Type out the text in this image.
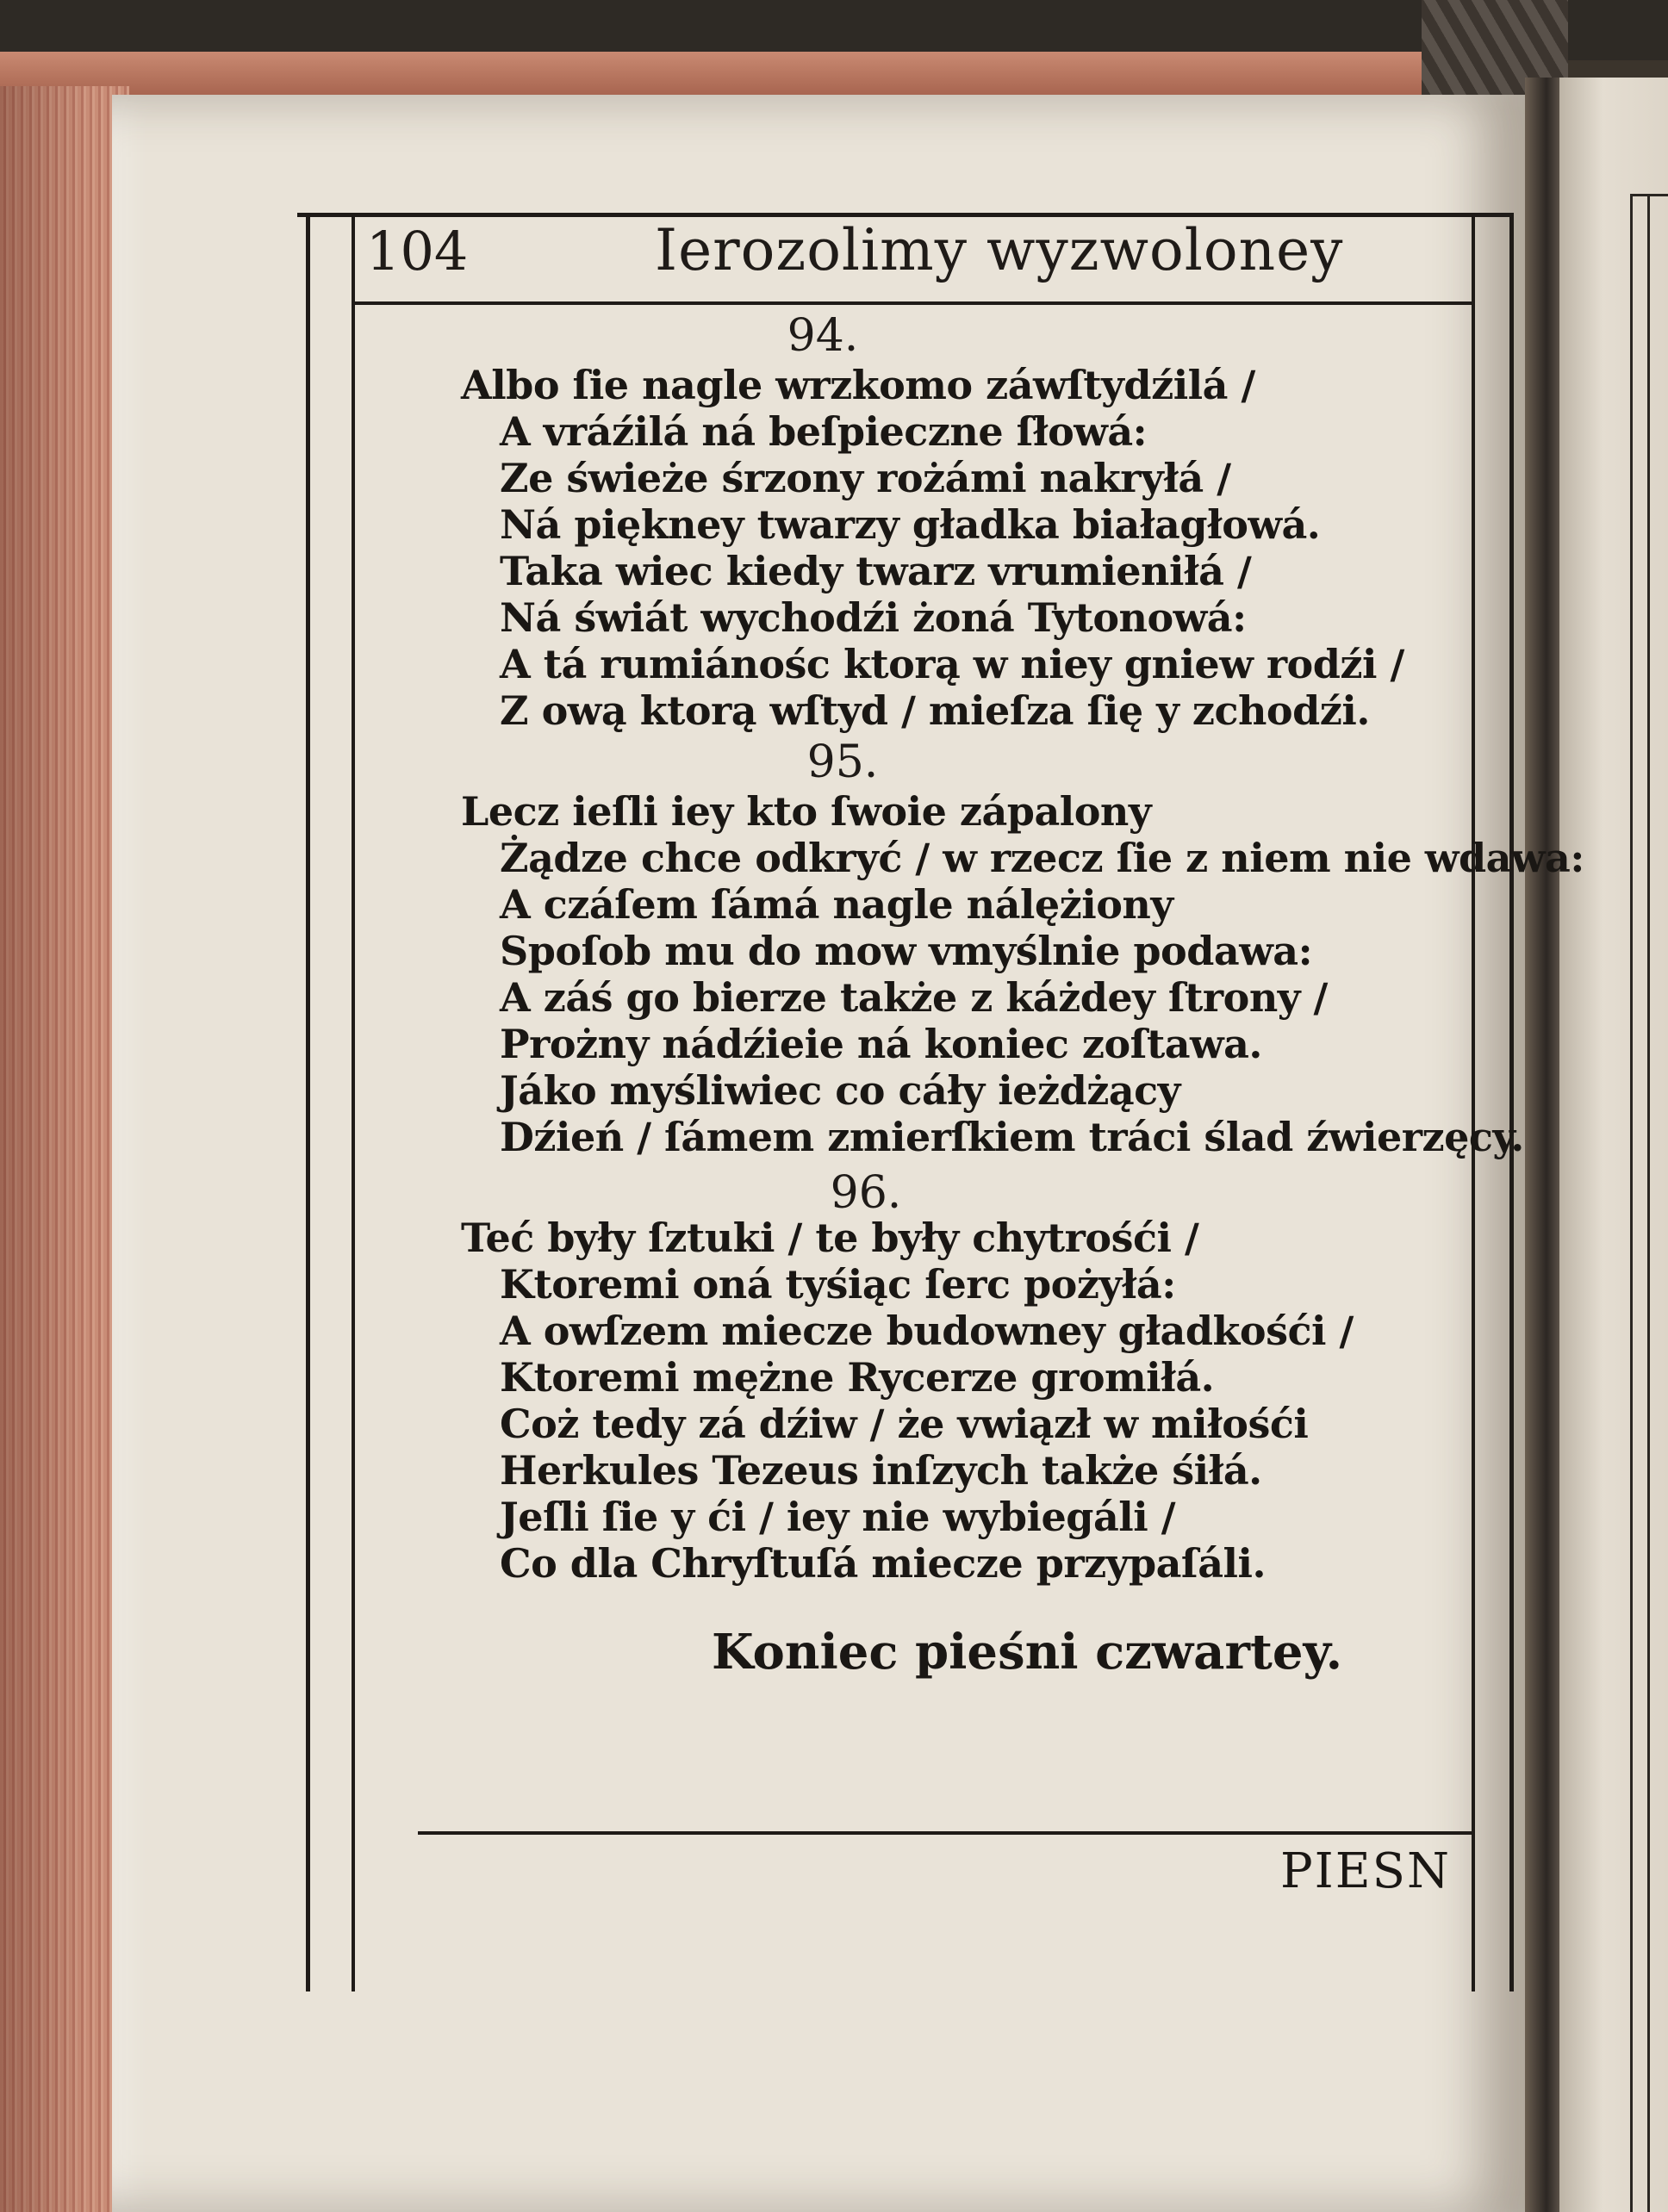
104	Ierozolimy wyzwoloney
94.
Albo ſie nagle wrzkomo záwſtydźilá /
A vráźilá ná beſpieczne ſłowá:
Ze świeże śrzony rożámi nakryłá /
Ná piękney twarzy gładka białagłowá.
Taka wiec kiedy twarz vrumieniłá /
Ná świát wychodźi żoná Tytonowá:
A tá rumiánośc ktorą w niey gniew rodźi /
Z ową ktorą wſtyd / mieſza ſię y zchodźi.
95.
Lecz ieſli iey kto ſwoie zápalony
Żądze chce odkryć / w rzecz ſie z niem nie wdawa:
A czáſem ſámá nagle nálężiony
Spoſob mu do mow vmyślnie podawa:
A záś go bierze także z káżdey ſtrony /
Prożny nádźieie ná koniec zoſtawa.
Jáko myśliwiec co cáły ieżdżący
Dźień / ſámem zmierſkiem tráci ślad źwierzęcy.
96.
Teć były ſztuki / te były chytrośći /
Ktoremi oná tyśiąc ſerc pożyłá:
A owſzem miecze budowney gładkośći /
Ktoremi mężne Rycerze gromiłá.
Coż tedy zá dźiw / że vwiązł w miłośći
Herkules Tezeus inſzych także śiłá.
Jeſli ſie y ći / iey nie wybiegáli /
Co dla Chryſtuſá miecze przypaſáli.
Koniec pieśni czwartey.
PIESN
